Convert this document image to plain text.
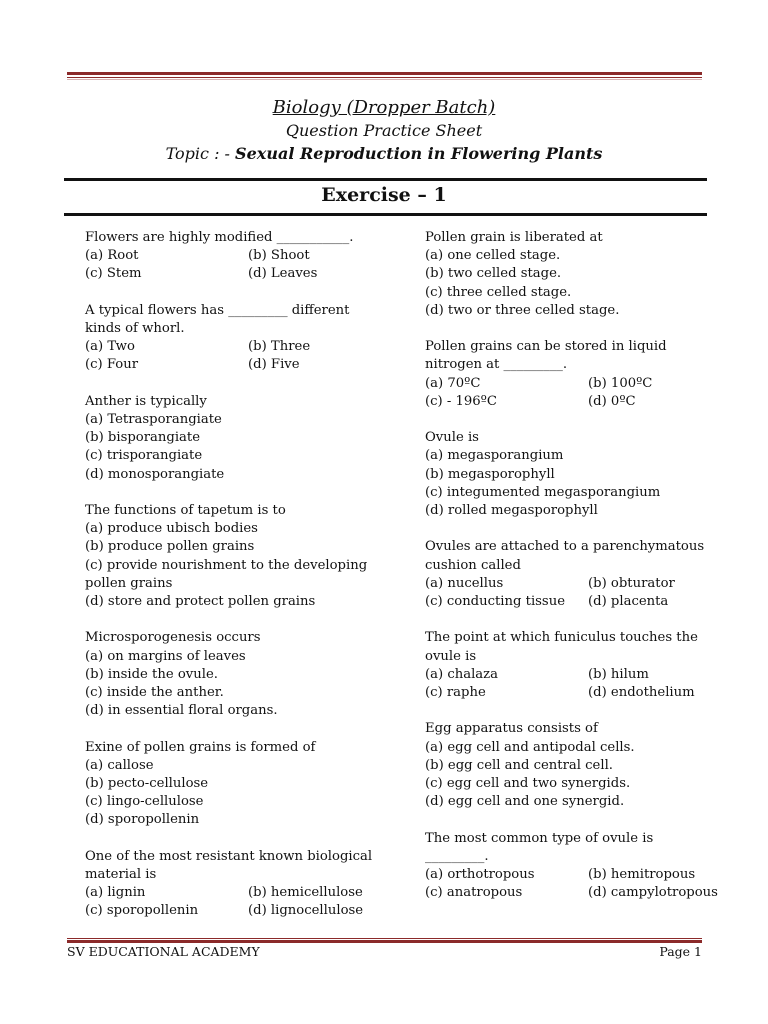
Biology (Dropper Batch)
Question Practice Sheet
Topic : - Sexual Reproduction in Flowering Plants
Exercise – 1
Flowers are highly modified ___________.
(a) Root	(b) Shoot
(c) Stem	(d) Leaves
A typical flowers has _________ different
kinds of whorl.
(a) Two	(b) Three
(c) Four	(d) Five
Anther is typically
(a) Tetrasporangiate
(b) bisporangiate
(c) trisporangiate
(d) monosporangiate
The functions of tapetum is to
(a) produce ubisch bodies
(b) produce pollen grains
(c) provide nourishment to the developing
pollen grains
(d) store and protect pollen grains
Microsporogenesis occurs
(a) on margins of leaves
(b) inside the ovule.
(c) inside the anther.
(d) in essential floral organs.
Exine of pollen grains is formed of
(a) callose
(b) pecto-cellulose
(c) lingo-cellulose
(d) sporopollenin
One of the most resistant known biological
material is
(a) lignin	(b) hemicellulose
(c) sporopollenin	(d) lignocellulose
Pollen grain is liberated at
(a) one celled stage.
(b) two celled stage.
(c) three celled stage.
(d) two or three celled stage.
Pollen grains can be stored in liquid
nitrogen at _________.
(a) 70ºC	(b) 100ºC
(c) - 196ºC	(d) 0ºC
Ovule is
(a) megasporangium
(b) megasporophyll
(c) integumented megasporangium
(d) rolled megasporophyll
Ovules are attached to a parenchymatous
cushion called
(a) nucellus	(b) obturator
(c) conducting tissue	(d) placenta
The point at which funiculus touches the
ovule is
(a) chalaza	(b) hilum
(c) raphe	(d) endothelium
Egg apparatus consists of
(a) egg cell and antipodal cells.
(b) egg cell and central cell.
(c) egg cell and two synergids.
(d) egg cell and one synergid.
The most common type of ovule is
_________.
(a) orthotropous	(b) hemitropous
(c) anatropous	(d) campylotropous
SV EDUCATIONAL ACADEMY	Page 1
